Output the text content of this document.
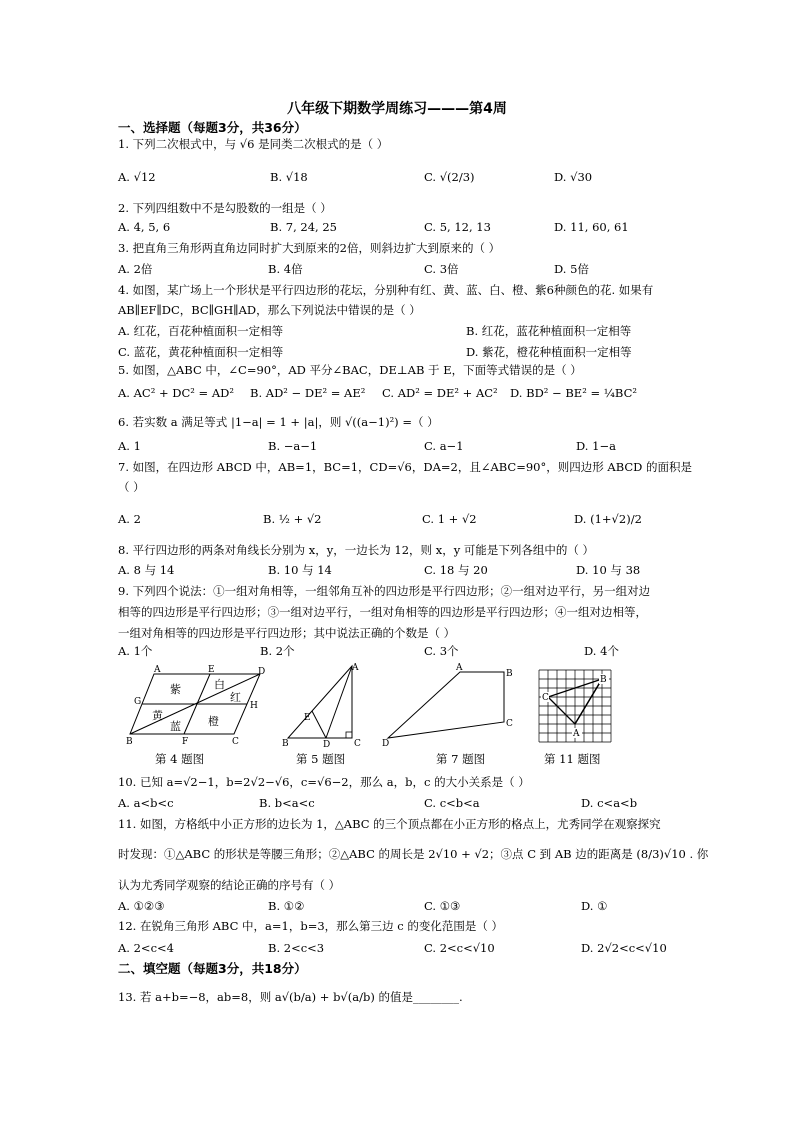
八年级下期数学周练习———第4周
一、选择题（每题3分，共36分）
1. 下列二次根式中，与 √6 是同类二次根式的是（ ）
A. √12	B. √18	C. √(2/3)	D. √30
2. 下列四组数中不是勾股数的一组是（ ）
A. 4, 5, 6	B. 7, 24, 25	C. 5, 12, 13	D. 11, 60, 61
3. 把直角三角形两直角边同时扩大到原来的2倍，则斜边扩大到原来的（ ）
A. 2倍	B. 4倍	C. 3倍	D. 5倍
4. 如图，某广场上一个形状是平行四边形的花坛，分别种有红、黄、蓝、白、橙、紫6种颜色的花. 如果有
AB∥EF∥DC，BC∥GH∥AD，那么下列说法中错误的是（ ）
A. 红花，百花种植面积一定相等	B. 红花，蓝花种植面积一定相等
C. 蓝花，黄花种植面积一定相等	D. 紫花，橙花种植面积一定相等
5. 如图，△ABC 中，∠C=90°，AD 平分∠BAC，DE⊥AB 于 E，下面等式错误的是（ ）
A. AC² + DC² = AD² B. AD² − DE² = AE² C. AD² = DE² + AC² D. BD² − BE² = ¼BC²
6. 若实数 a 满足等式 |1−a| = 1 + |a|，则 √((a−1)²) =（ ）
A. 1	B. −a−1	C. a−1	D. 1−a
7. 如图，在四边形 ABCD 中，AB=1，BC=1，CD=√6，DA=2，且∠ABC=90°，则四边形 ABCD 的面积是
（ ）
A. 2	B. ½ + √2	C. 1 + √2	D. (1+√2)/2
8. 平行四边形的两条对角线长分别为 x，y，一边长为 12，则 x，y 可能是下列各组中的（ ）
A. 8 与 14	B. 10 与 14	C. 18 与 20	D. 10 与 38
9. 下列四个说法：①一组对角相等，一组邻角互补的四边形是平行四边形；②一组对边平行，另一组对边
相等的四边形是平行四边形；③一组对边平行，一组对角相等的四边形是平行四边形；④一组对边相等，
一组对角相等的四边形是平行四边形；其中说法正确的个数是（ ）
A. 1个	B. 2个	C. 3个	D. 4个
A	E	D
G	H
B	F	C
紫	白
红
黄
蓝 橙
第 4 题图
A
E
B	D	C
第 5 题图
A
B
C
D
第 7 题图
C
B
A
第 11 题图
10. 已知 a=√2−1，b=2√2−√6，c=√6−2，那么 a，b，c 的大小关系是（ ）
A. a<b<c	B. b<a<c	C. c<b<a	D. c<a<b
11. 如图，方格纸中小正方形的边长为 1，△ABC 的三个顶点都在小正方形的格点上，尤秀同学在观察探究
时发现：①△ABC 的形状是等腰三角形；②△ABC 的周长是 2√10 + √2；③点 C 到 AB 边的距离是 (8/3)√10 . 你
认为尤秀同学观察的结论正确的序号有（ ）
A. ①②③	B. ①②	C. ①③	D. ①
12. 在锐角三角形 ABC 中，a=1，b=3，那么第三边 c 的变化范围是（ ）
A. 2<c<4	B. 2<c<3	C. 2<c<√10	D. 2√2<c<√10
二、填空题（每题3分，共18分）
13. 若 a+b=−8，ab=8，则 a√(b/a) + b√(a/b) 的值是________.
